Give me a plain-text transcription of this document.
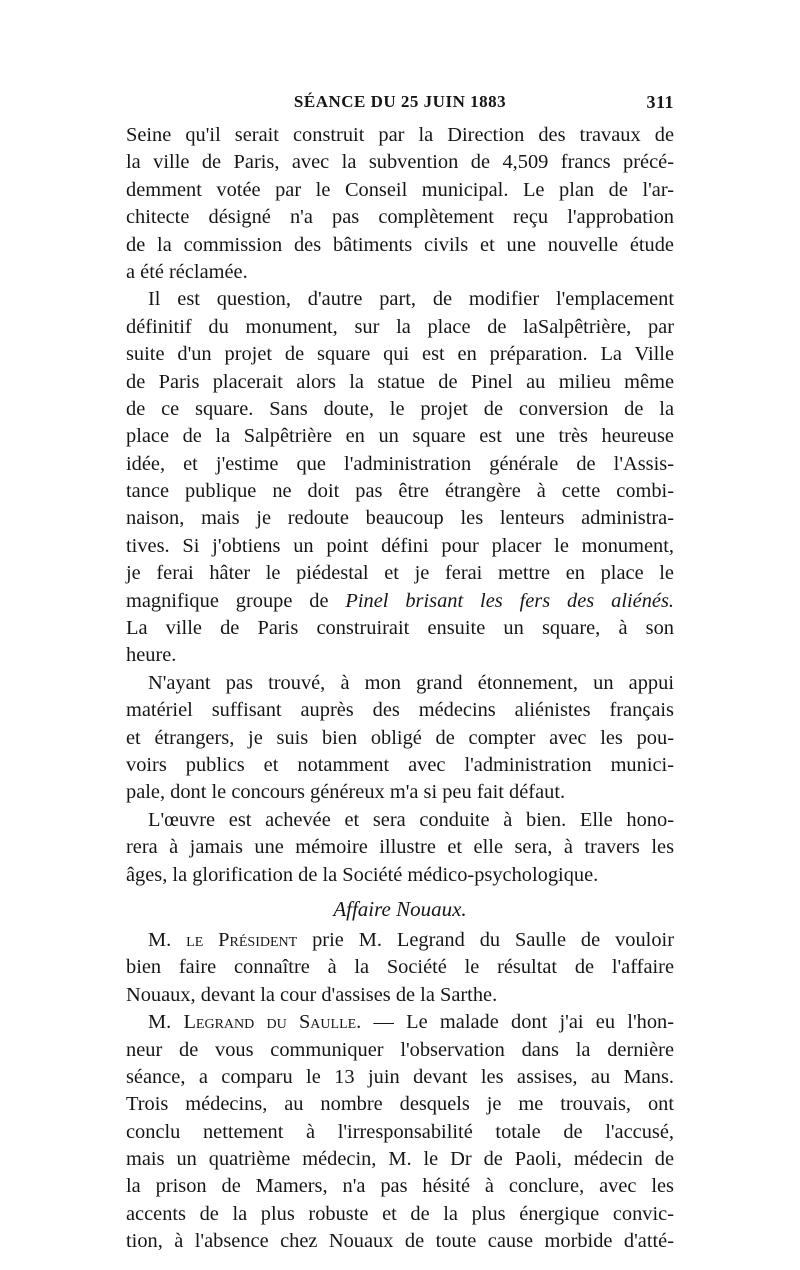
SÉANCE DU 25 JUIN 1883	311
Seine qu'il serait construit par la Direction des travaux de
la ville de Paris, avec la subvention de 4,509 francs précé-
demment votée par le Conseil municipal. Le plan de l'ar-
chitecte désigné n'a pas complètement reçu l'approbation
de la commission des bâtiments civils et une nouvelle étude
a été réclamée.
Il est question, d'autre part, de modifier l'emplacement
définitif du monument, sur la place de laSalpêtrière, par
suite d'un projet de square qui est en préparation. La Ville
de Paris placerait alors la statue de Pinel au milieu même
de ce square. Sans doute, le projet de conversion de la
place de la Salpêtrière en un square est une très heureuse
idée, et j'estime que l'administration générale de l'Assis-
tance publique ne doit pas être étrangère à cette combi-
naison, mais je redoute beaucoup les lenteurs administra-
tives. Si j'obtiens un point défini pour placer le monument,
je ferai hâter le piédestal et je ferai mettre en place le
magnifique groupe de Pinel brisant les fers des aliénés.
La ville de Paris construirait ensuite un square, à son
heure.
N'ayant pas trouvé, à mon grand étonnement, un appui
matériel suffisant auprès des médecins aliénistes français
et étrangers, je suis bien obligé de compter avec les pou-
voirs publics et notamment avec l'administration munici-
pale, dont le concours généreux m'a si peu fait défaut.
L'œuvre est achevée et sera conduite à bien. Elle hono-
rera à jamais une mémoire illustre et elle sera, à travers les
âges, la glorification de la Société médico-psychologique.
Affaire Nouaux.
M. le Président prie M. Legrand du Saulle de vouloir
bien faire connaître à la Société le résultat de l'affaire
Nouaux, devant la cour d'assises de la Sarthe.
M. Legrand du Saulle. — Le malade dont j'ai eu l'hon-
neur de vous communiquer l'observation dans la dernière
séance, a comparu le 13 juin devant les assises, au Mans.
Trois médecins, au nombre desquels je me trouvais, ont
conclu nettement à l'irresponsabilité totale de l'accusé,
mais un quatrième médecin, M. le Dr de Paoli, médecin de
la prison de Mamers, n'a pas hésité à conclure, avec les
accents de la plus robuste et de la plus énergique convic-
tion, à l'absence chez Nouaux de toute cause morbide d'atté-
